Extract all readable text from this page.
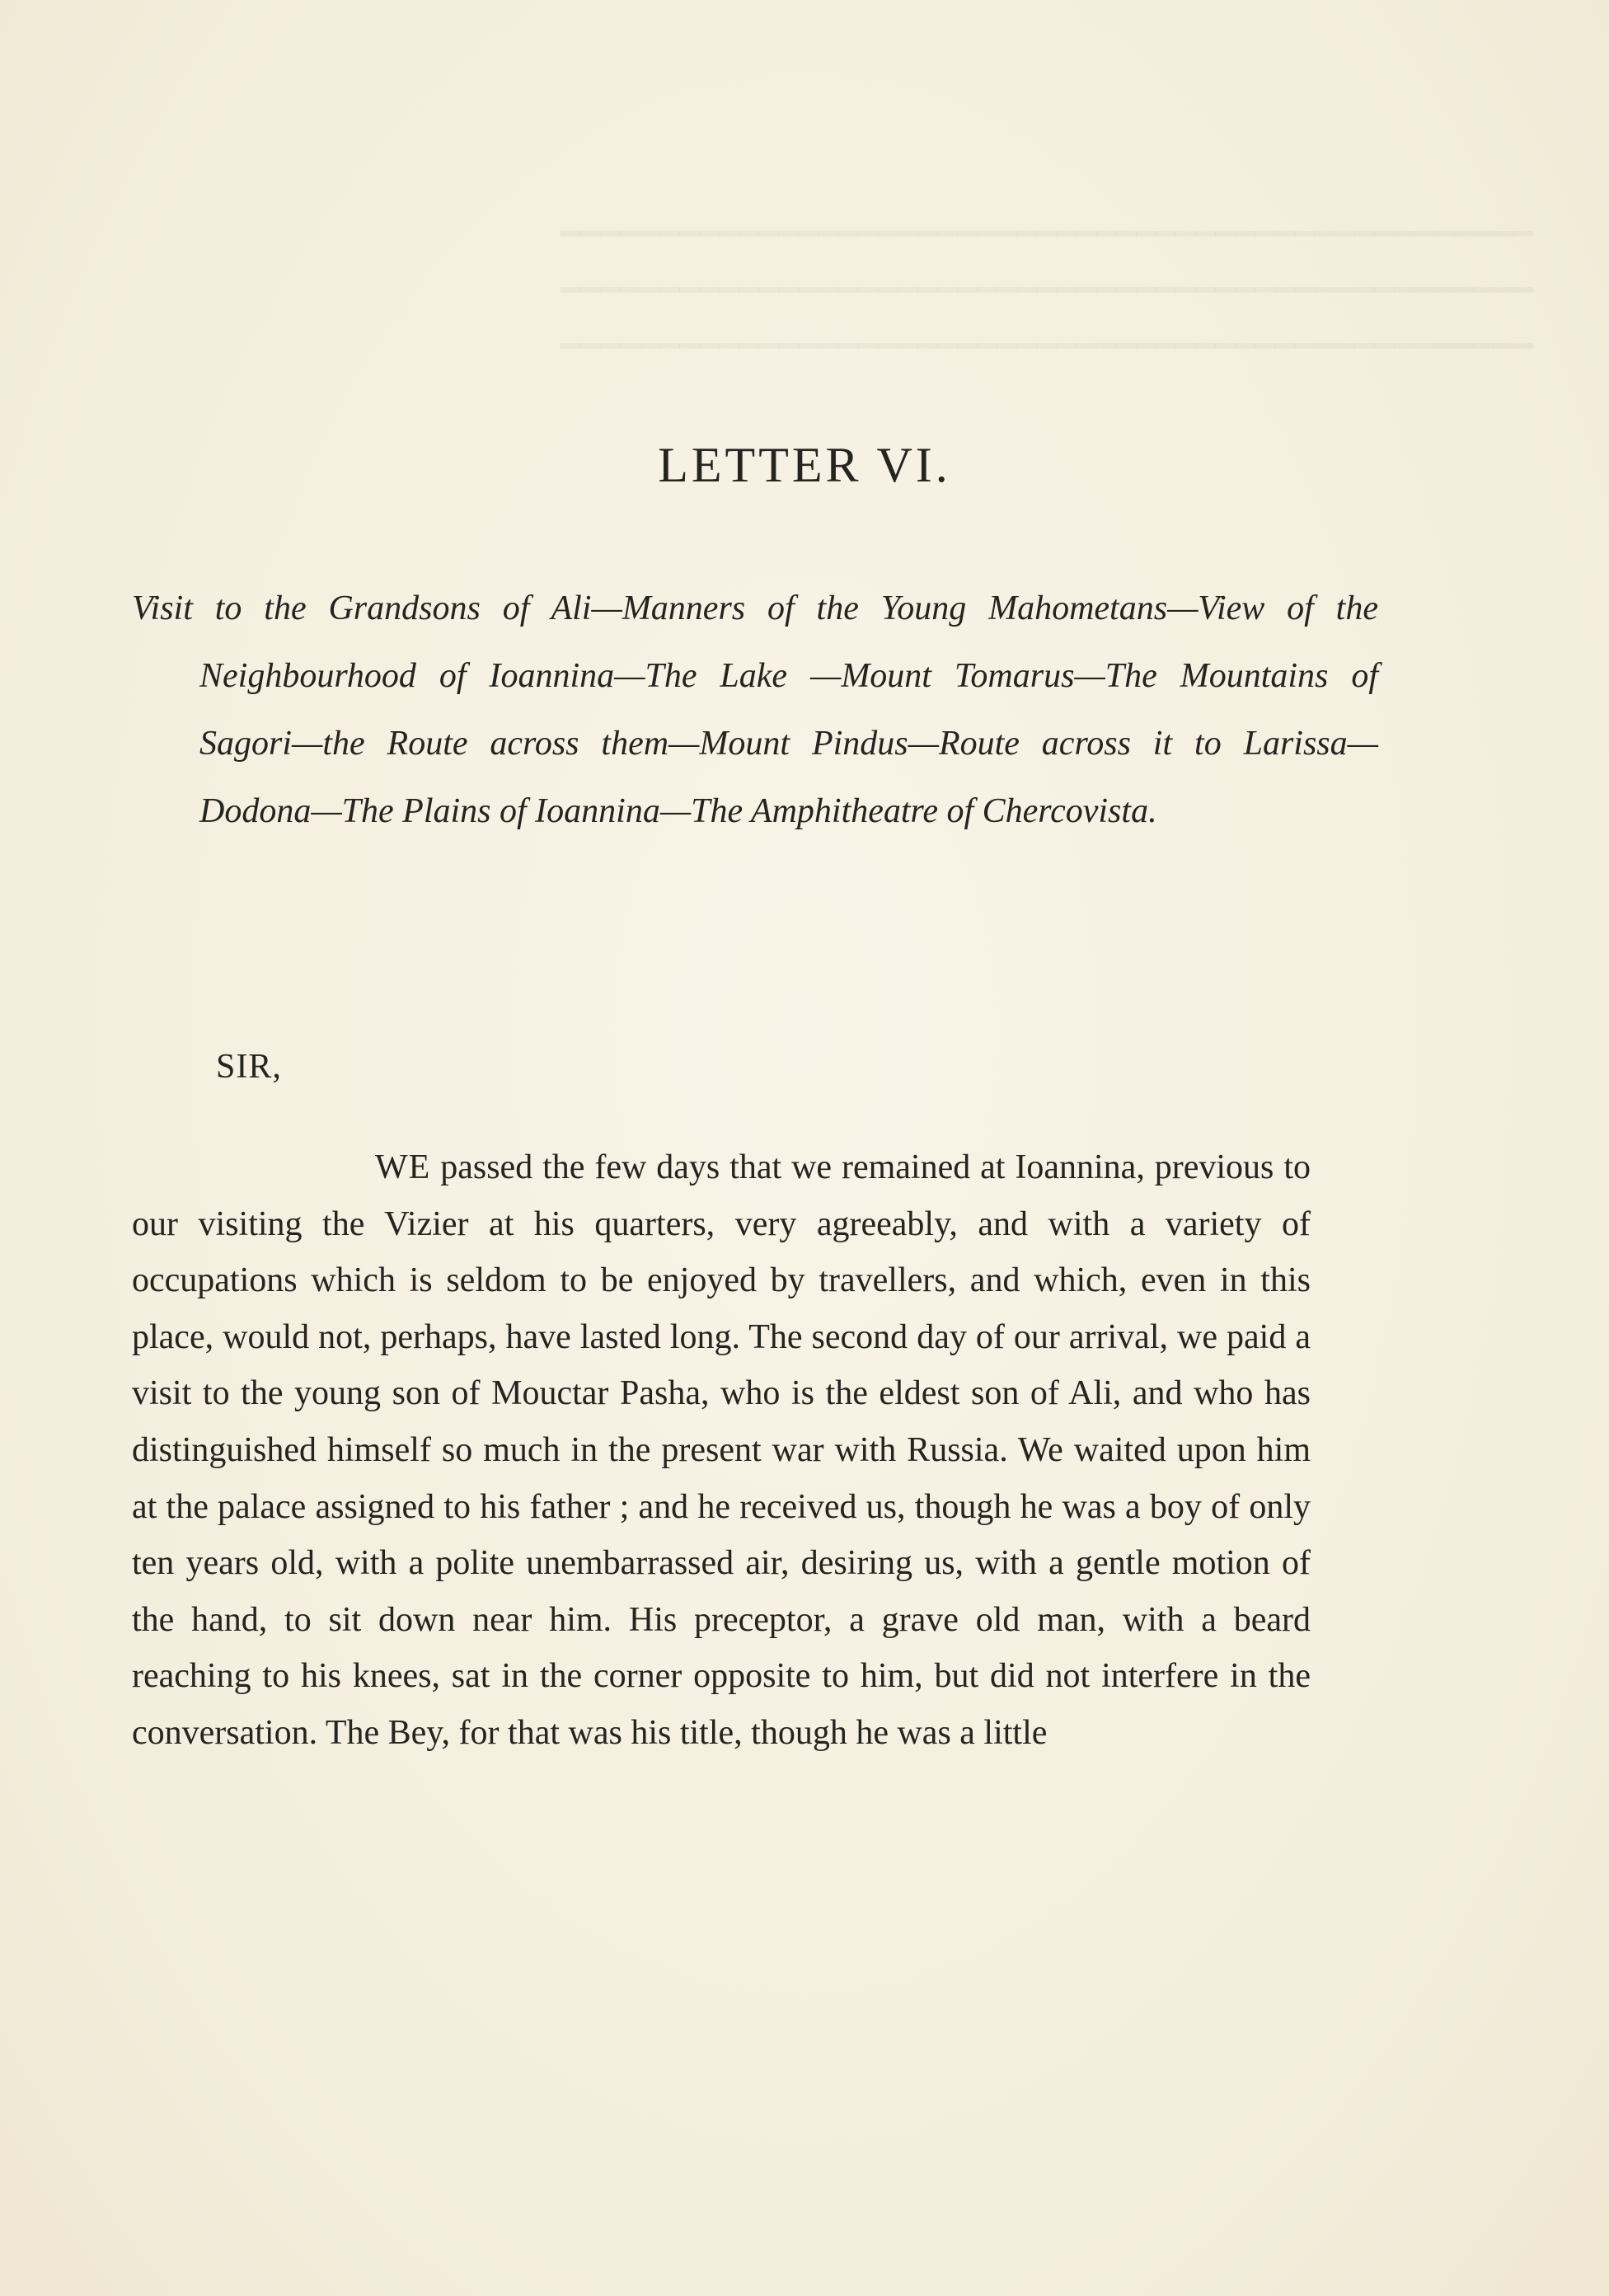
━━━━━━━━━━━━━━━━━━━━━━━━━━━━━━━━━━━━━━━━━━━━━━━━━
━━━━━━━━━━━━━━━━━━━━━━━━━━━━━━━━━━━━━━━━━━━━━━━━━
━━━━━━━━━━━━━━━━━━━━━━━━━━━━━━━━━━━━━━━━━━━━━━━━━
LETTER VI.

Visit to the Grandsons of Ali—Manners of the Young Mahometans—View of the Neighbourhood of Ioannina—The Lake —Mount Tomarus—The Mountains of Sagori—the Route across them—Mount Pindus—Route across it to Larissa— Dodona—The Plains of Ioannina—The Amphitheatre of Chercovista.

SIR,

WE passed the few days that we remained at Ioannina, previous to our visiting the Vizier at his quarters, very agreeably, and with a variety of occupations which is seldom to be enjoyed by travellers, and which, even in this place, would not, perhaps, have lasted long. The second day of our arrival, we paid a visit to the young son of Mouctar Pasha, who is the eldest son of Ali, and who has distinguished himself so much in the present war with Russia. We waited upon him at the palace assigned to his father ; and he received us, though he was a boy of only ten years old, with a polite unembarrassed air, desiring us, with a gentle motion of the hand, to sit down near him. His preceptor, a grave old man, with a beard reaching to his knees, sat in the corner opposite to him, but did not interfere in the conversation. The Bey, for that was his title, though he was a little
